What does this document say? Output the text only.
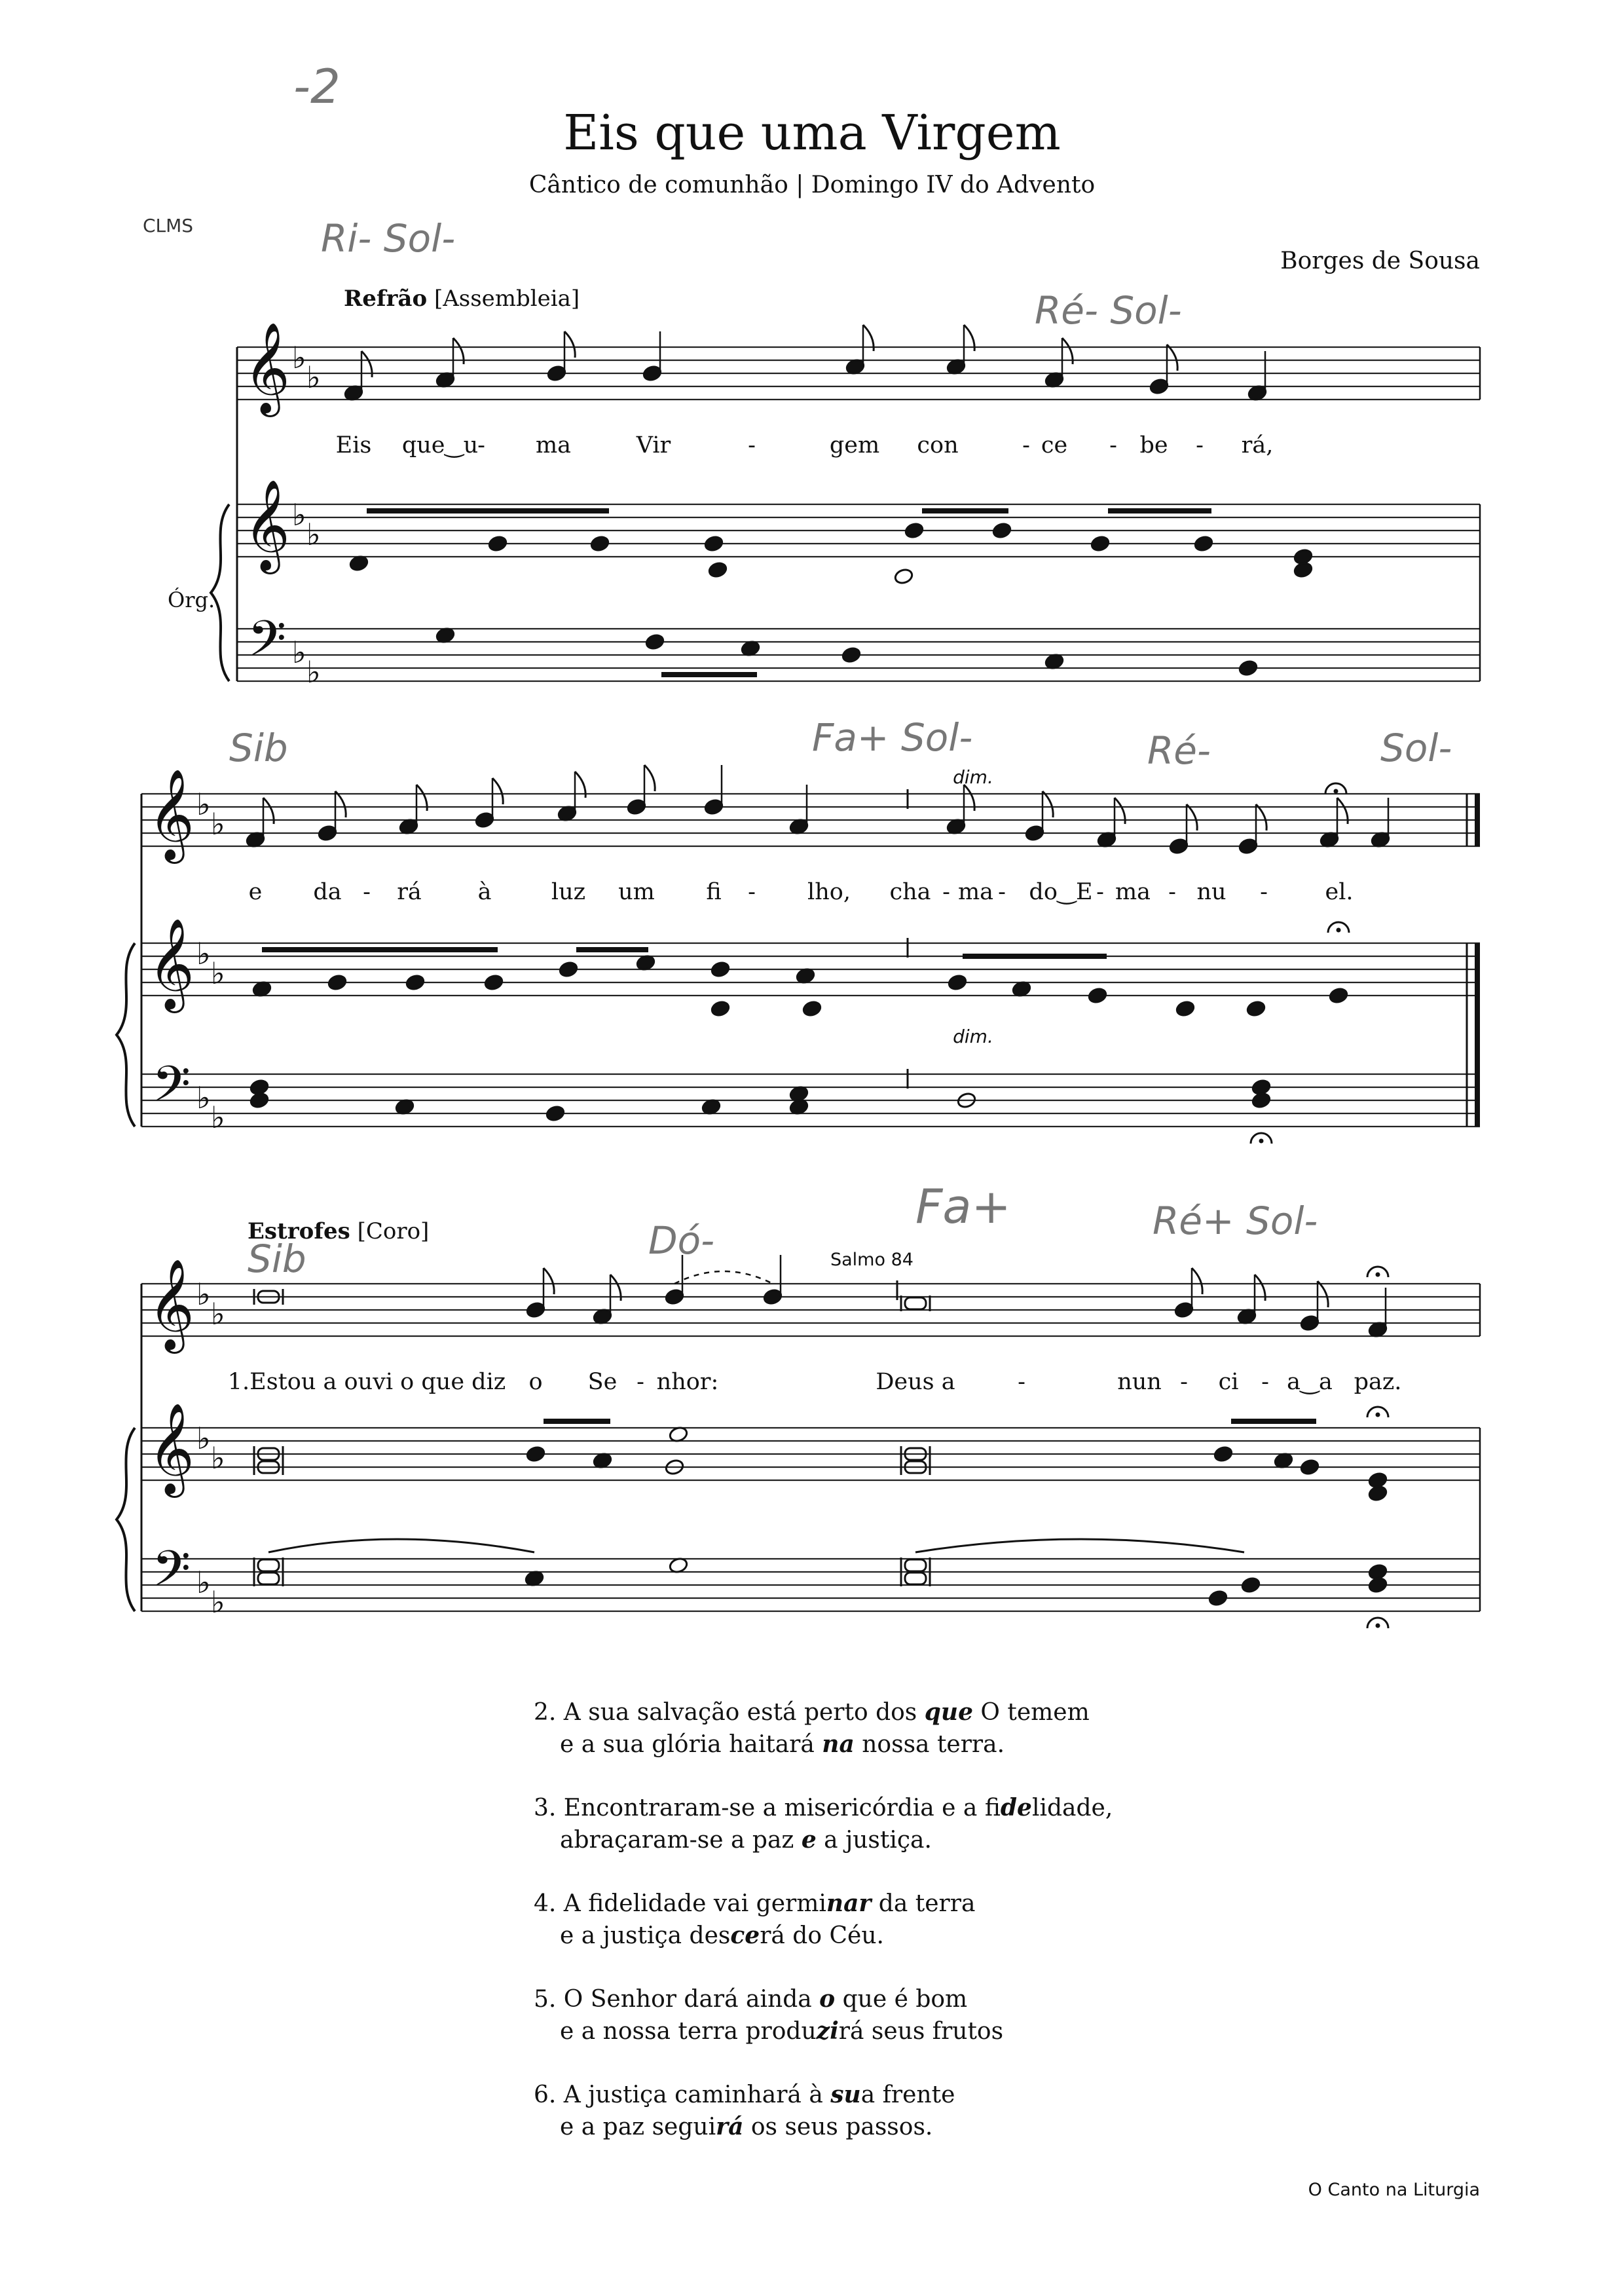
Eis que uma Virgem
Cântico de comunhão | Domingo IV do Advento
CLMS
Borges de Sousa
Refrão [Assembleia]
Estrofes [Coro]
Salmo 84
Órg.
𝄞
𝄞
𝄢
♭
♭
♭
♭
♭
♭
𝄞
𝄞
𝄢
♭
♭
♭
♭
♭
♭
𝄞
𝄞
𝄢
♭
♭
♭
♭
♭
♭
dim.
dim.
Eis que‿u
- ma	Vir	-	gem con	- ce - be - rá,
e da - rá à	luz um fi - lho, cha - ma - do‿E - ma - nu -	el.
1.Estou a ouvi o que diz o Se - nhor:	Deus a	-	nun - ci - a‿a paz.
2. A sua salvação está perto dos que O temem
e a sua glória haitará na nossa terra.
3. Encontraram-se a misericórdia e a fidelidade,
abraçaram-se a paz e a justiça.
4. A fidelidade vai germinar da terra
e a justiça descerá do Céu.
5. O Senhor dará ainda o que é bom
e a nossa terra produzirá seus frutos
6. A justiça caminhará à sua frente
e a paz seguirá os seus passos.
-2
Ri- Sol-
Ré- Sol-
Sib	Fa+ Sol-	Ré-	Sol-
Sib	Dó-
Fa+	Ré+ Sol-
O Canto na Liturgia
